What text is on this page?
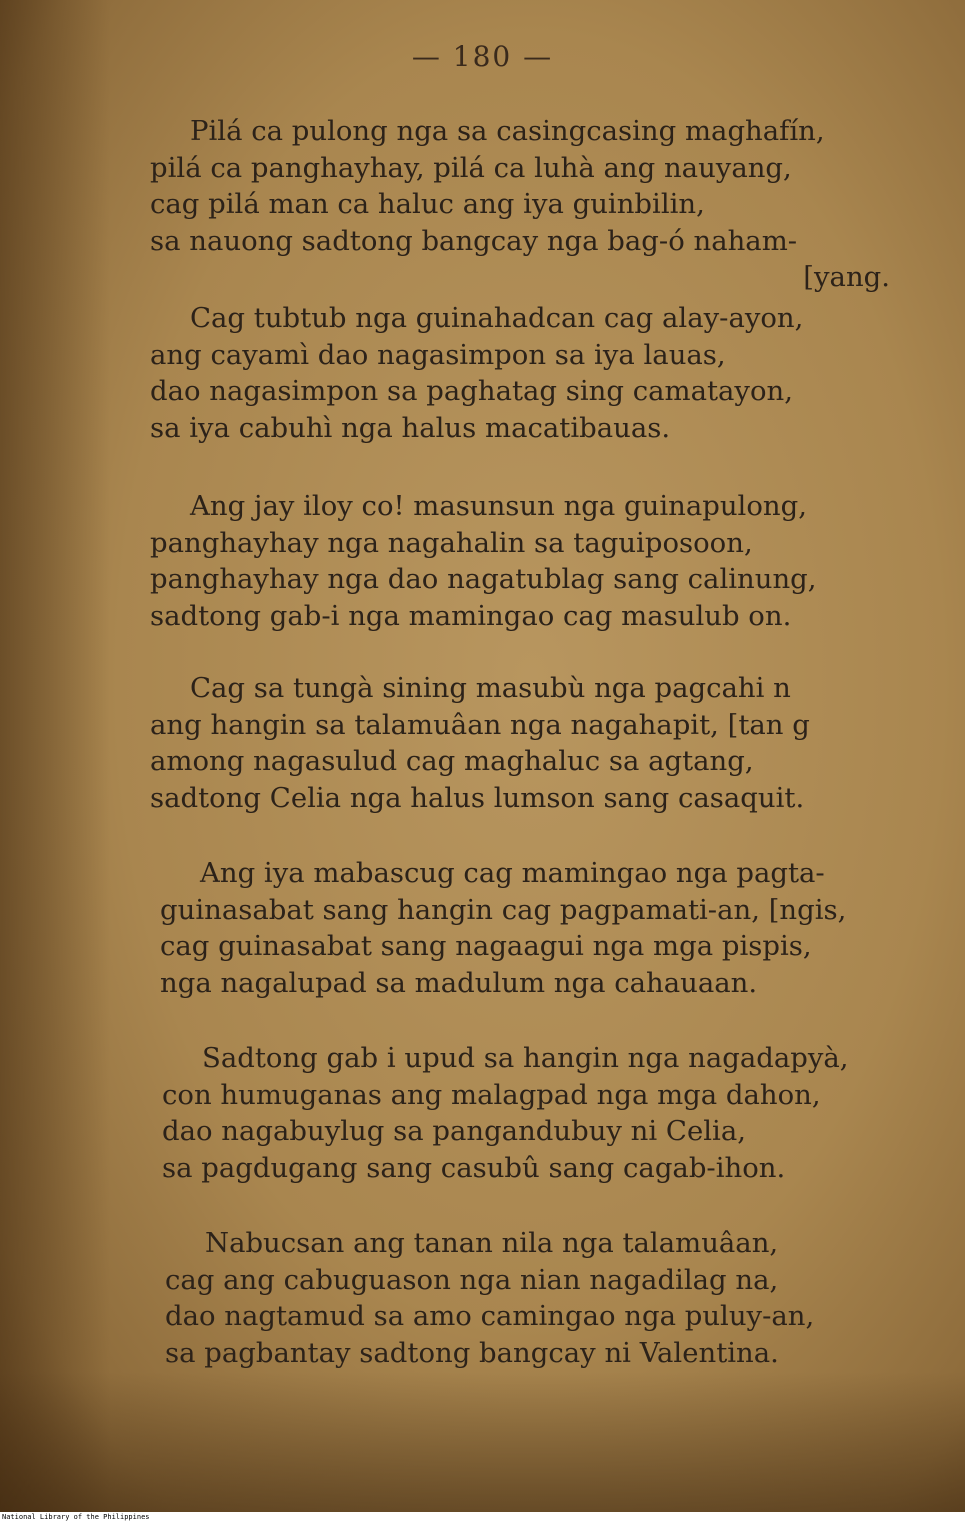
— 180 —
Pilá ca pulong nga sa casingcasing maghafín,
pilá ca panghayhay, pilá ca luhà ang nauyang,
cag pilá man ca haluc ang iya guinbilin,
sa nauong sadtong bangcay nga bag-ó naham-
[yang.
Cag tubtub nga guinahadcan cag alay-ayon,
ang cayamì dao nagasimpon sa iya lauas,
dao nagasimpon sa paghatag sing camatayon,
sa iya cabuhì nga halus macatibauas.
Ang jay iloy co! masunsun nga guinapulong,
panghayhay nga nagahalin sa taguiposoon,
panghayhay nga dao nagatublag sang calinung,
sadtong gab-i nga mamingao cag masulub on.
Cag sa tungà sining masubù nga pagcahi n
ang hangin sa talamuâan nga nagahapit, [tan g
among nagasulud cag maghaluc sa agtang,
sadtong Celia nga halus lumson sang casaquit.
Ang iya mabascug cag mamingao nga pagta-
guinasabat sang hangin cag pagpamati-an, [ngis,
cag guinasabat sang nagaagui nga mga pispis,
nga nagalupad sa madulum nga cahauaan.
Sadtong gab i upud sa hangin nga nagadapyà,
con humuganas ang malagpad nga mga dahon,
dao nagabuylug sa pangandubuy ni Celia,
sa pagdugang sang casubû sang cagab-ihon.
Nabucsan ang tanan nila nga talamuâan,
cag ang cabuguason nga nian nagadilag na,
dao nagtamud sa amo camingao nga puluy-an,
sa pagbantay sadtong bangcay ni Valentina.
National Library of the Philippines
